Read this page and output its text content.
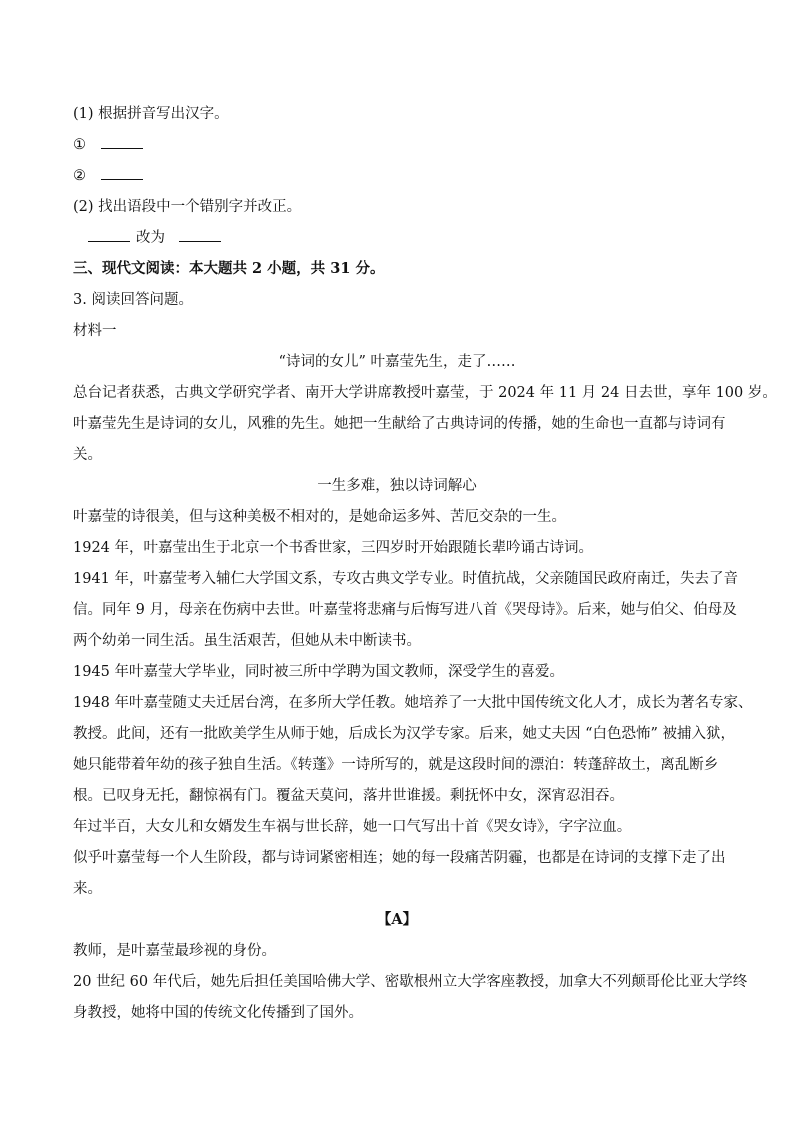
(1) 根据拼音写出汉字。
①
②
(2) 找出语段中一个错别字并改正。
改为
三、现代文阅读：本大题共 2 小题，共 31 分。
3. 阅读回答问题。
材料一
“诗词的女儿” 叶嘉莹先生，走了……
总台记者获悉，古典文学研究学者、南开大学讲席教授叶嘉莹，于 2024 年 11 月 24 日去世，享年 100 岁。
叶嘉莹先生是诗词的女儿，风雅的先生。她把一生献给了古典诗词的传播，她的生命也一直都与诗词有
关。
一生多难，独以诗词解心
叶嘉莹的诗很美，但与这种美极不相对的，是她命运多舛、苦厄交杂的一生。
1924 年，叶嘉莹出生于北京一个书香世家，三四岁时开始跟随长辈吟诵古诗词。
1941 年，叶嘉莹考入辅仁大学国文系，专攻古典文学专业。时值抗战，父亲随国民政府南迁，失去了音
信。同年 9 月，母亲在伤病中去世。叶嘉莹将悲痛与后悔写进八首《哭母诗》。后来，她与伯父、伯母及
两个幼弟一同生活。虽生活艰苦，但她从未中断读书。
1945 年叶嘉莹大学毕业，同时被三所中学聘为国文教师，深受学生的喜爱。
1948 年叶嘉莹随丈夫迁居台湾，在多所大学任教。她培养了一大批中国传统文化人才，成长为著名专家、
教授。此间，还有一批欧美学生从师于她，后成长为汉学专家。后来，她丈夫因 “白色恐怖” 被捕入狱，
她只能带着年幼的孩子独自生活。《转蓬》一诗所写的，就是这段时间的漂泊：转蓬辞故土，离乱断乡
根。已叹身无托，翻惊祸有门。覆盆天莫问，落井世谁援。剩抚怀中女，深宵忍泪吞。
年过半百，大女儿和女婿发生车祸与世长辞，她一口气写出十首《哭女诗》，字字泣血。
似乎叶嘉莹每一个人生阶段，都与诗词紧密相连；她的每一段痛苦阴霾，也都是在诗词的支撑下走了出
来。
【A】
教师，是叶嘉莹最珍视的身份。
20 世纪 60 年代后，她先后担任美国哈佛大学、密歇根州立大学客座教授，加拿大不列颠哥伦比亚大学终
身教授，她将中国的传统文化传播到了国外。
